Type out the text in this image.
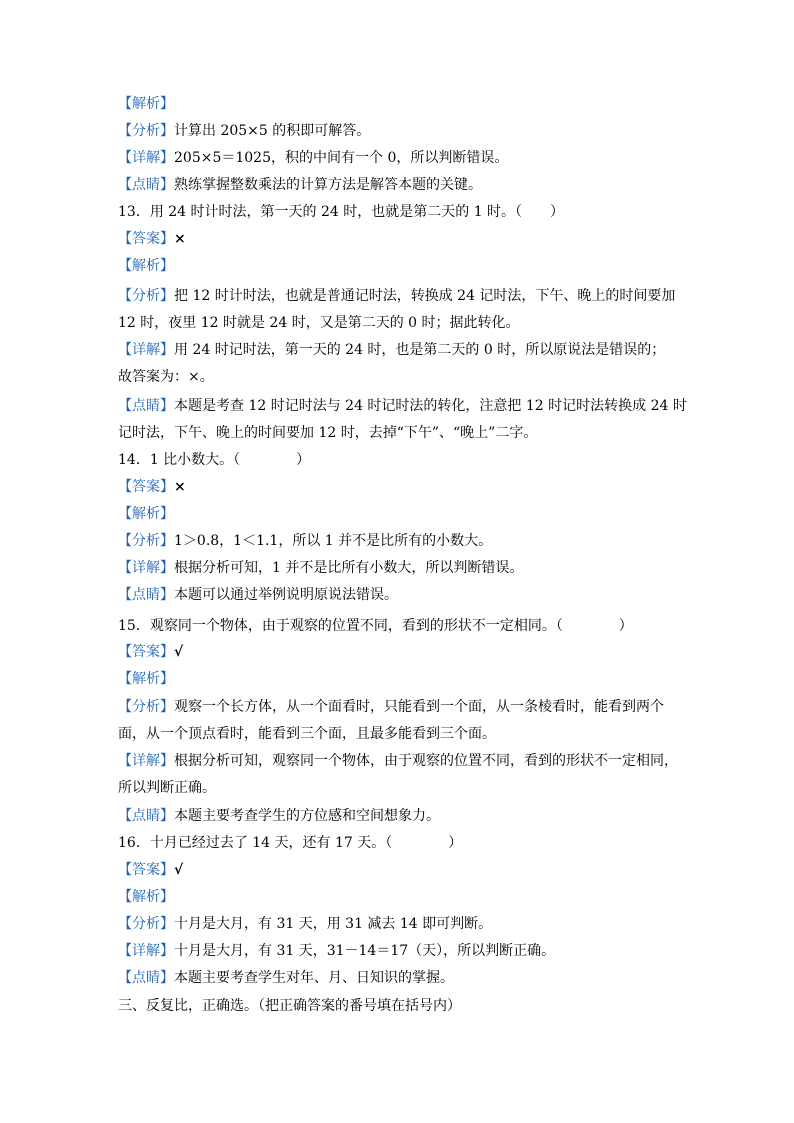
【解析】
【分析】计算出 205×5 的积即可解答。
【详解】205×5＝1025，积的中间有一个 0，所以判断错误。
【点睛】熟练掌握整数乘法的计算方法是解答本题的关键。
13．用 24 时计时法，第一天的 24 时，也就是第二天的 1 时。（　　）
【答案】×
【解析】
【分析】把 12 时计时法，也就是普通记时法，转换成 24 记时法，下午、晚上的时间要加
12 时，夜里 12 时就是 24 时，又是第二天的 0 时；据此转化。
【详解】用 24 时记时法，第一天的 24 时，也是第二天的 0 时，所以原说法是错误的；
故答案为：×。
【点睛】本题是考查 12 时记时法与 24 时记时法的转化，注意把 12 时记时法转换成 24 时
记时法，下午、晚上的时间要加 12 时，去掉“下午”、“晚上”二字。
14．1 比小数大。（　　　　）
【答案】×
【解析】
【分析】1＞0.8，1＜1.1，所以 1 并不是比所有的小数大。
【详解】根据分析可知，1 并不是比所有小数大，所以判断错误。
【点睛】本题可以通过举例说明原说法错误。
15．观察同一个物体，由于观察的位置不同，看到的形状不一定相同。（　　　　）
【答案】√
【解析】
【分析】观察一个长方体，从一个面看时，只能看到一个面，从一条棱看时，能看到两个
面，从一个顶点看时，能看到三个面，且最多能看到三个面。
【详解】根据分析可知，观察同一个物体，由于观察的位置不同，看到的形状不一定相同，
所以判断正确。
【点睛】本题主要考查学生的方位感和空间想象力。
16．十月已经过去了 14 天，还有 17 天。（　　　　）
【答案】√
【解析】
【分析】十月是大月，有 31 天，用 31 减去 14 即可判断。
【详解】十月是大月，有 31 天，31－14＝17（天），所以判断正确。
【点睛】本题主要考查学生对年、月、日知识的掌握。
三、反复比，正确选。（把正确答案的番号填在括号内）
